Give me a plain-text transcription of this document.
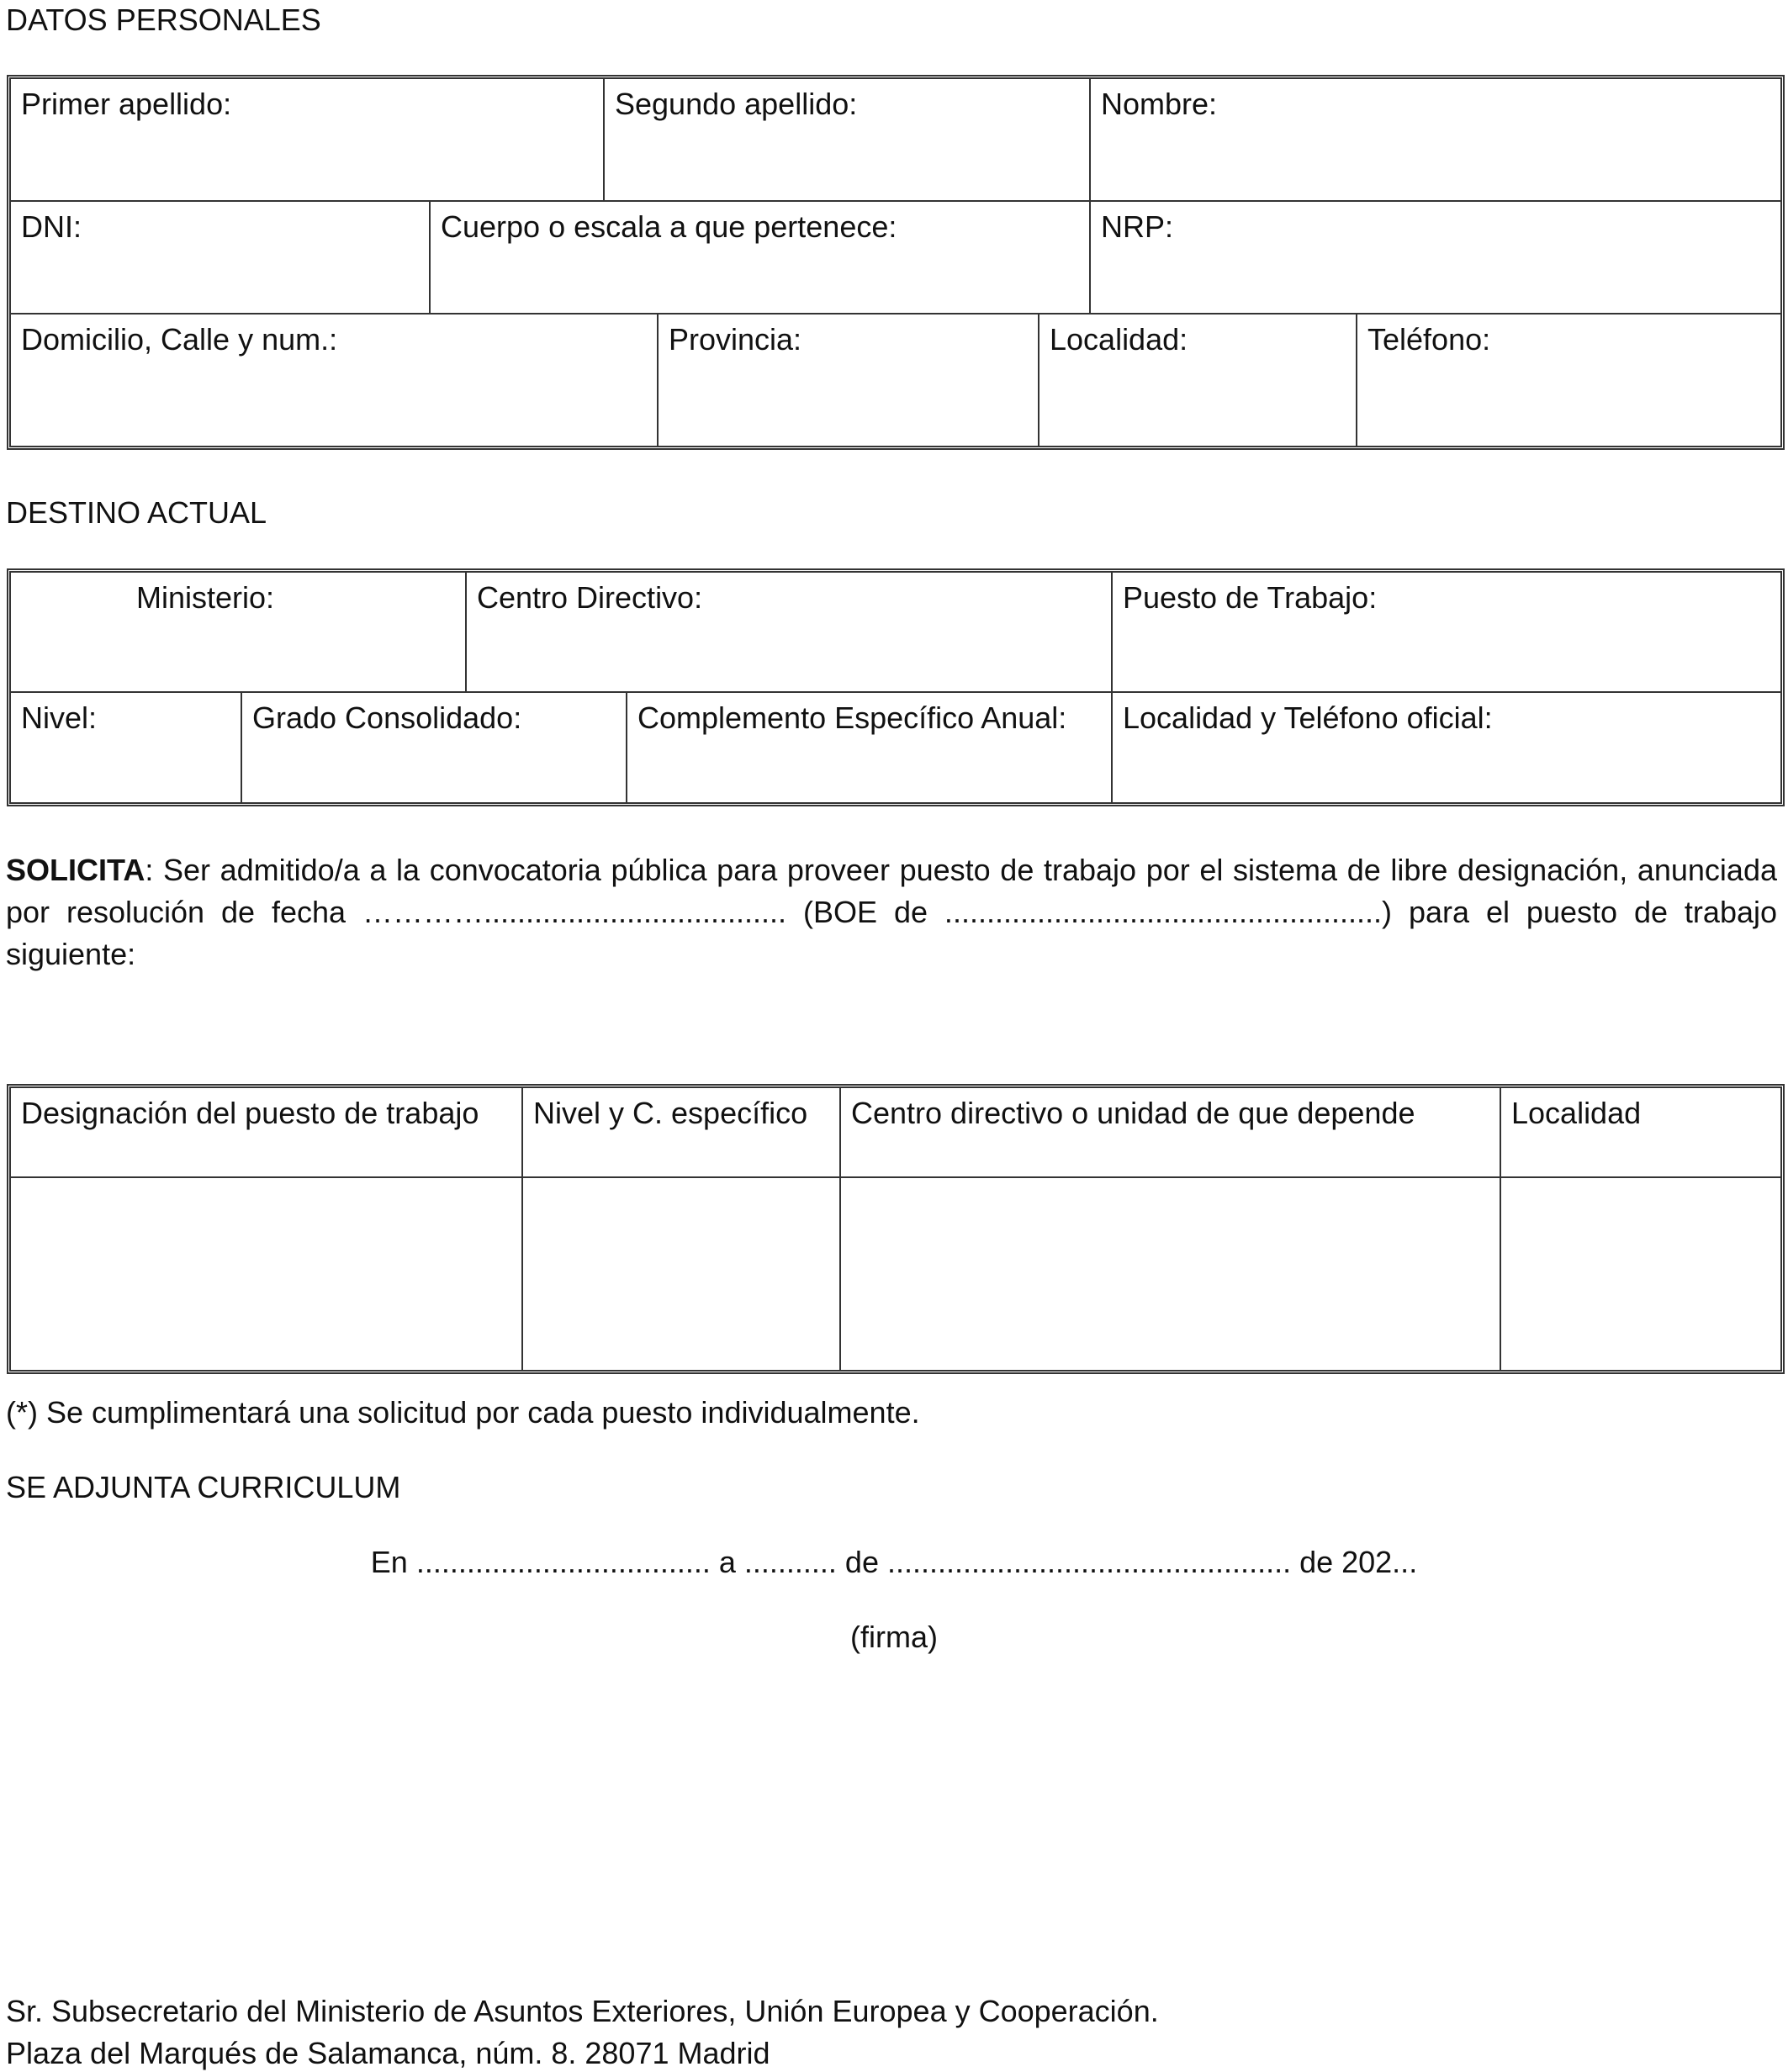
DATOS PERSONALES
Primer apellido:	Segundo apellido:	Nombre:
DNI:	Cuerpo o escala a que pertenece:	NRP:
Domicilio, Calle y num.:	Provincia:	Localidad:	Teléfono:
DESTINO ACTUAL
Ministerio:	Centro Directivo:	Puesto de Trabajo:
Nivel:	Grado Consolidado:	Complemento Específico Anual:	Localidad y Teléfono oficial:

SOLICITA: Ser admitido/a a la convocatoria pública para proveer puesto de trabajo por el sistema de libre designación, anunciada por resolución de fecha ………….................................... (BOE de ....................................................) para el puesto de trabajo siguiente:

Designación del puesto de trabajo	Nivel y C. específico	Centro directivo o unidad de que depende	Localidad

(*) Se cumplimentará una solicitud por cada puesto individualmente.

SE ADJUNTA CURRICULUM

En ................................... a ........... de ................................................ de 202...

(firma)

Sr. Subsecretario del Ministerio de Asuntos Exteriores, Unión Europea y Cooperación.

Plaza del Marqués de Salamanca, núm. 8. 28071 Madrid
